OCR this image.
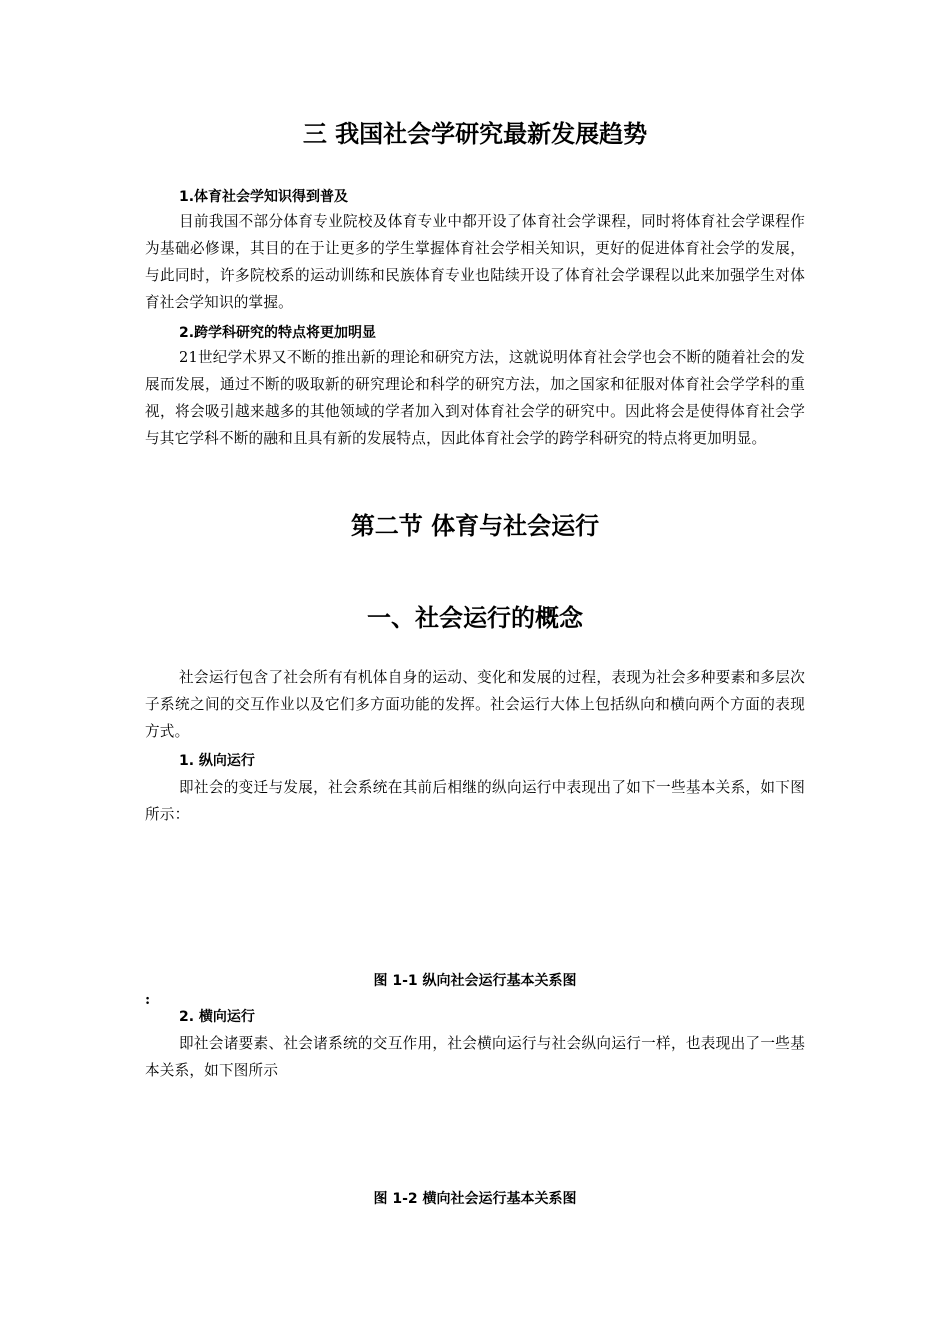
三 我国社会学研究最新发展趋势

1.体育社会学知识得到普及

目前我国不部分体育专业院校及体育专业中都开设了体育社会学课程，同时将体育社会学课程作为基础必修课，其目的在于让更多的学生掌握体育社会学相关知识，更好的促进体育社会学的发展，与此同时，许多院校系的运动训练和民族体育专业也陆续开设了体育社会学课程以此来加强学生对体育社会学知识的掌握。

2.跨学科研究的特点将更加明显

21世纪学术界又不断的推出新的理论和研究方法，这就说明体育社会学也会不断的随着社会的发展而发展，通过不断的吸取新的研究理论和科学的研究方法，加之国家和征服对体育社会学学科的重视，将会吸引越来越多的其他领域的学者加入到对体育社会学的研究中。因此将会是使得体育社会学与其它学科不断的融和且具有新的发展特点，因此体育社会学的跨学科研究的特点将更加明显。

第二节 体育与社会运行
一、社会运行的概念

社会运行包含了社会所有有机体自身的运动、变化和发展的过程，表现为社会多种要素和多层次子系统之间的交互作业以及它们多方面功能的发挥。社会运行大体上包括纵向和横向两个方面的表现方式。

1. 纵向运行

即社会的变迁与发展，社会系统在其前后相继的纵向运行中表现出了如下一些基本关系，如下图所示：

图 1-1 纵向社会运行基本关系图

:

2. 横向运行

即社会诸要素、社会诸系统的交互作用，社会横向运行与社会纵向运行一样，也表现出了一些基本关系，如下图所示

图 1-2 横向社会运行基本关系图
